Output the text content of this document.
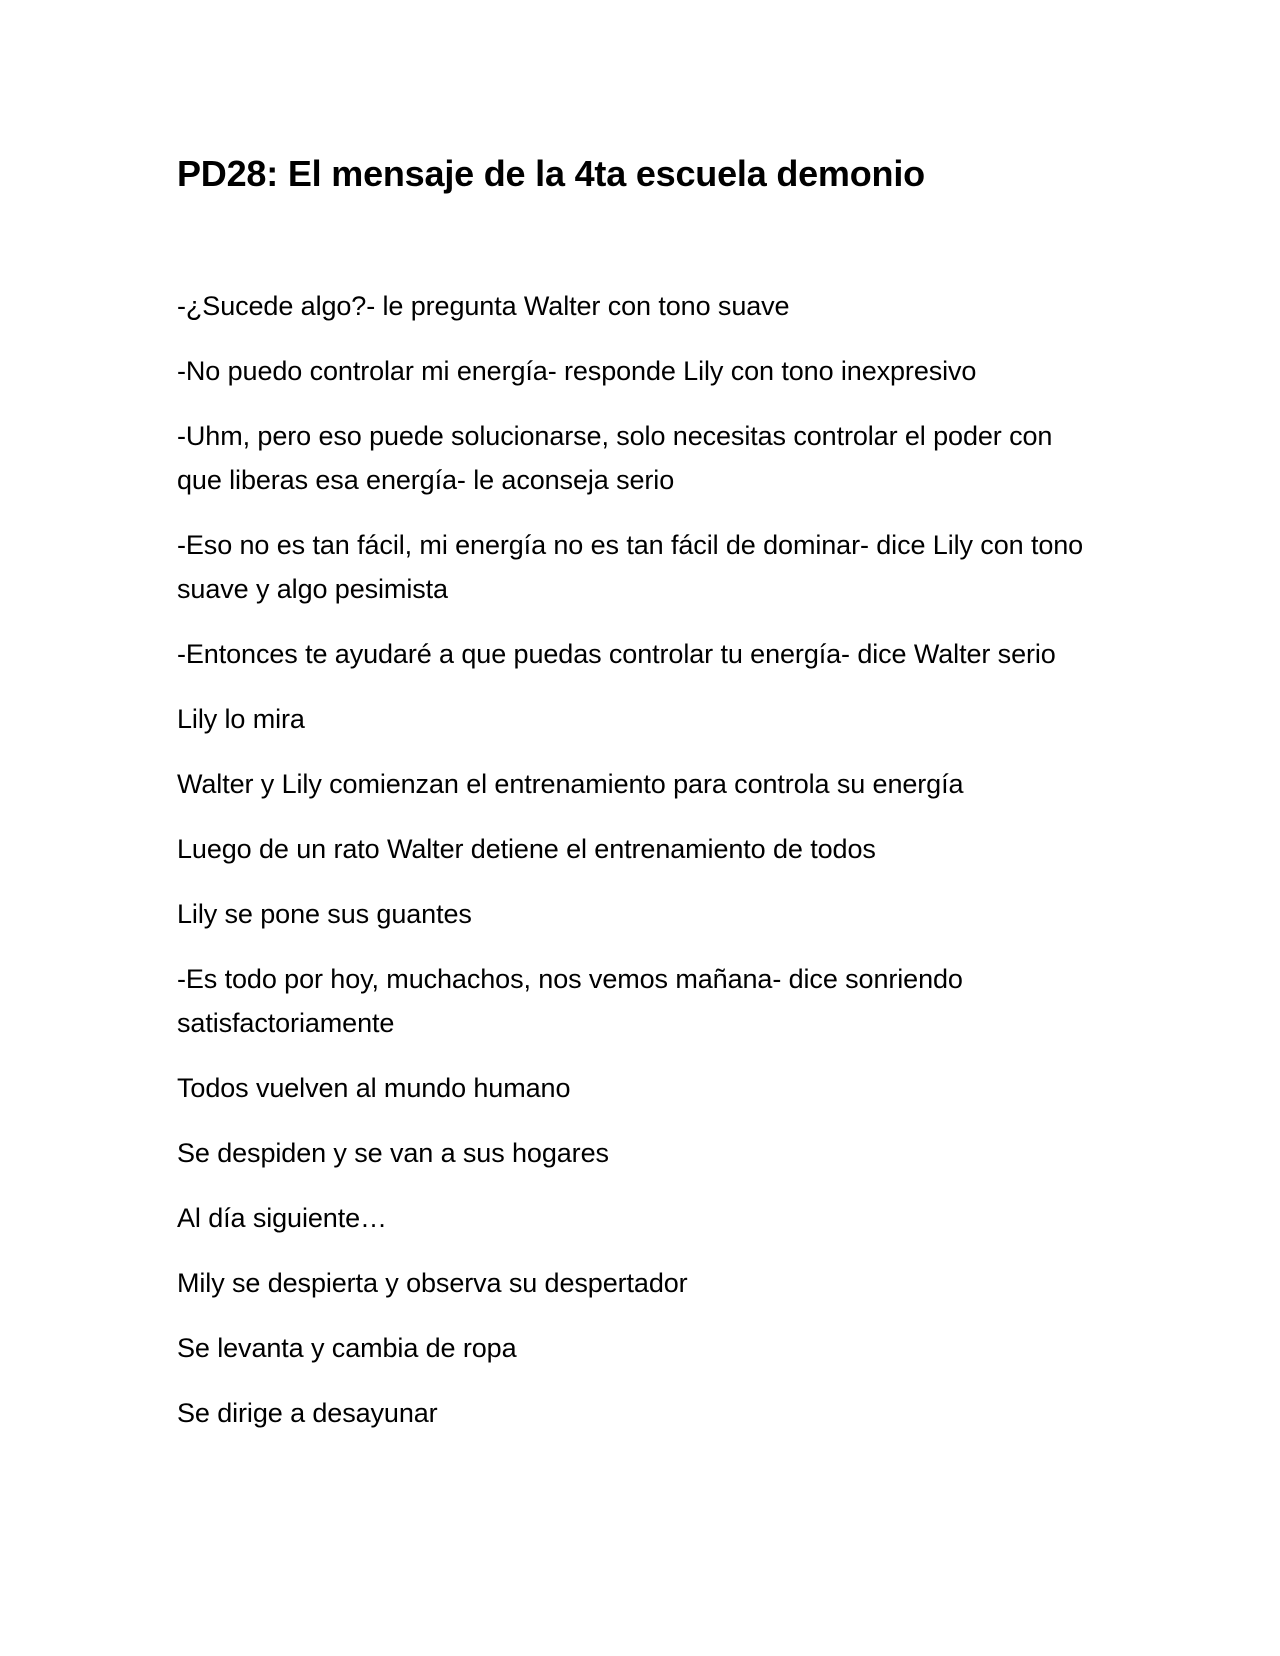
PD28: El mensaje de la 4ta escuela demonio

-¿Sucede algo?- le pregunta Walter con tono suave

-No puedo controlar mi energía- responde Lily con tono inexpresivo

-Uhm, pero eso puede solucionarse, solo necesitas controlar el poder con que liberas esa energía- le aconseja serio

-Eso no es tan fácil, mi energía no es tan fácil de dominar- dice Lily con tono suave y algo pesimista

-Entonces te ayudaré a que puedas controlar tu energía- dice Walter serio

Lily lo mira

Walter y Lily comienzan el entrenamiento para controla su energía

Luego de un rato Walter detiene el entrenamiento de todos

Lily se pone sus guantes

-Es todo por hoy, muchachos, nos vemos mañana- dice sonriendo satisfactoriamente

Todos vuelven al mundo humano

Se despiden y se van a sus hogares

Al día siguiente…

Mily se despierta y observa su despertador

Se levanta y cambia de ropa

Se dirige a desayunar
